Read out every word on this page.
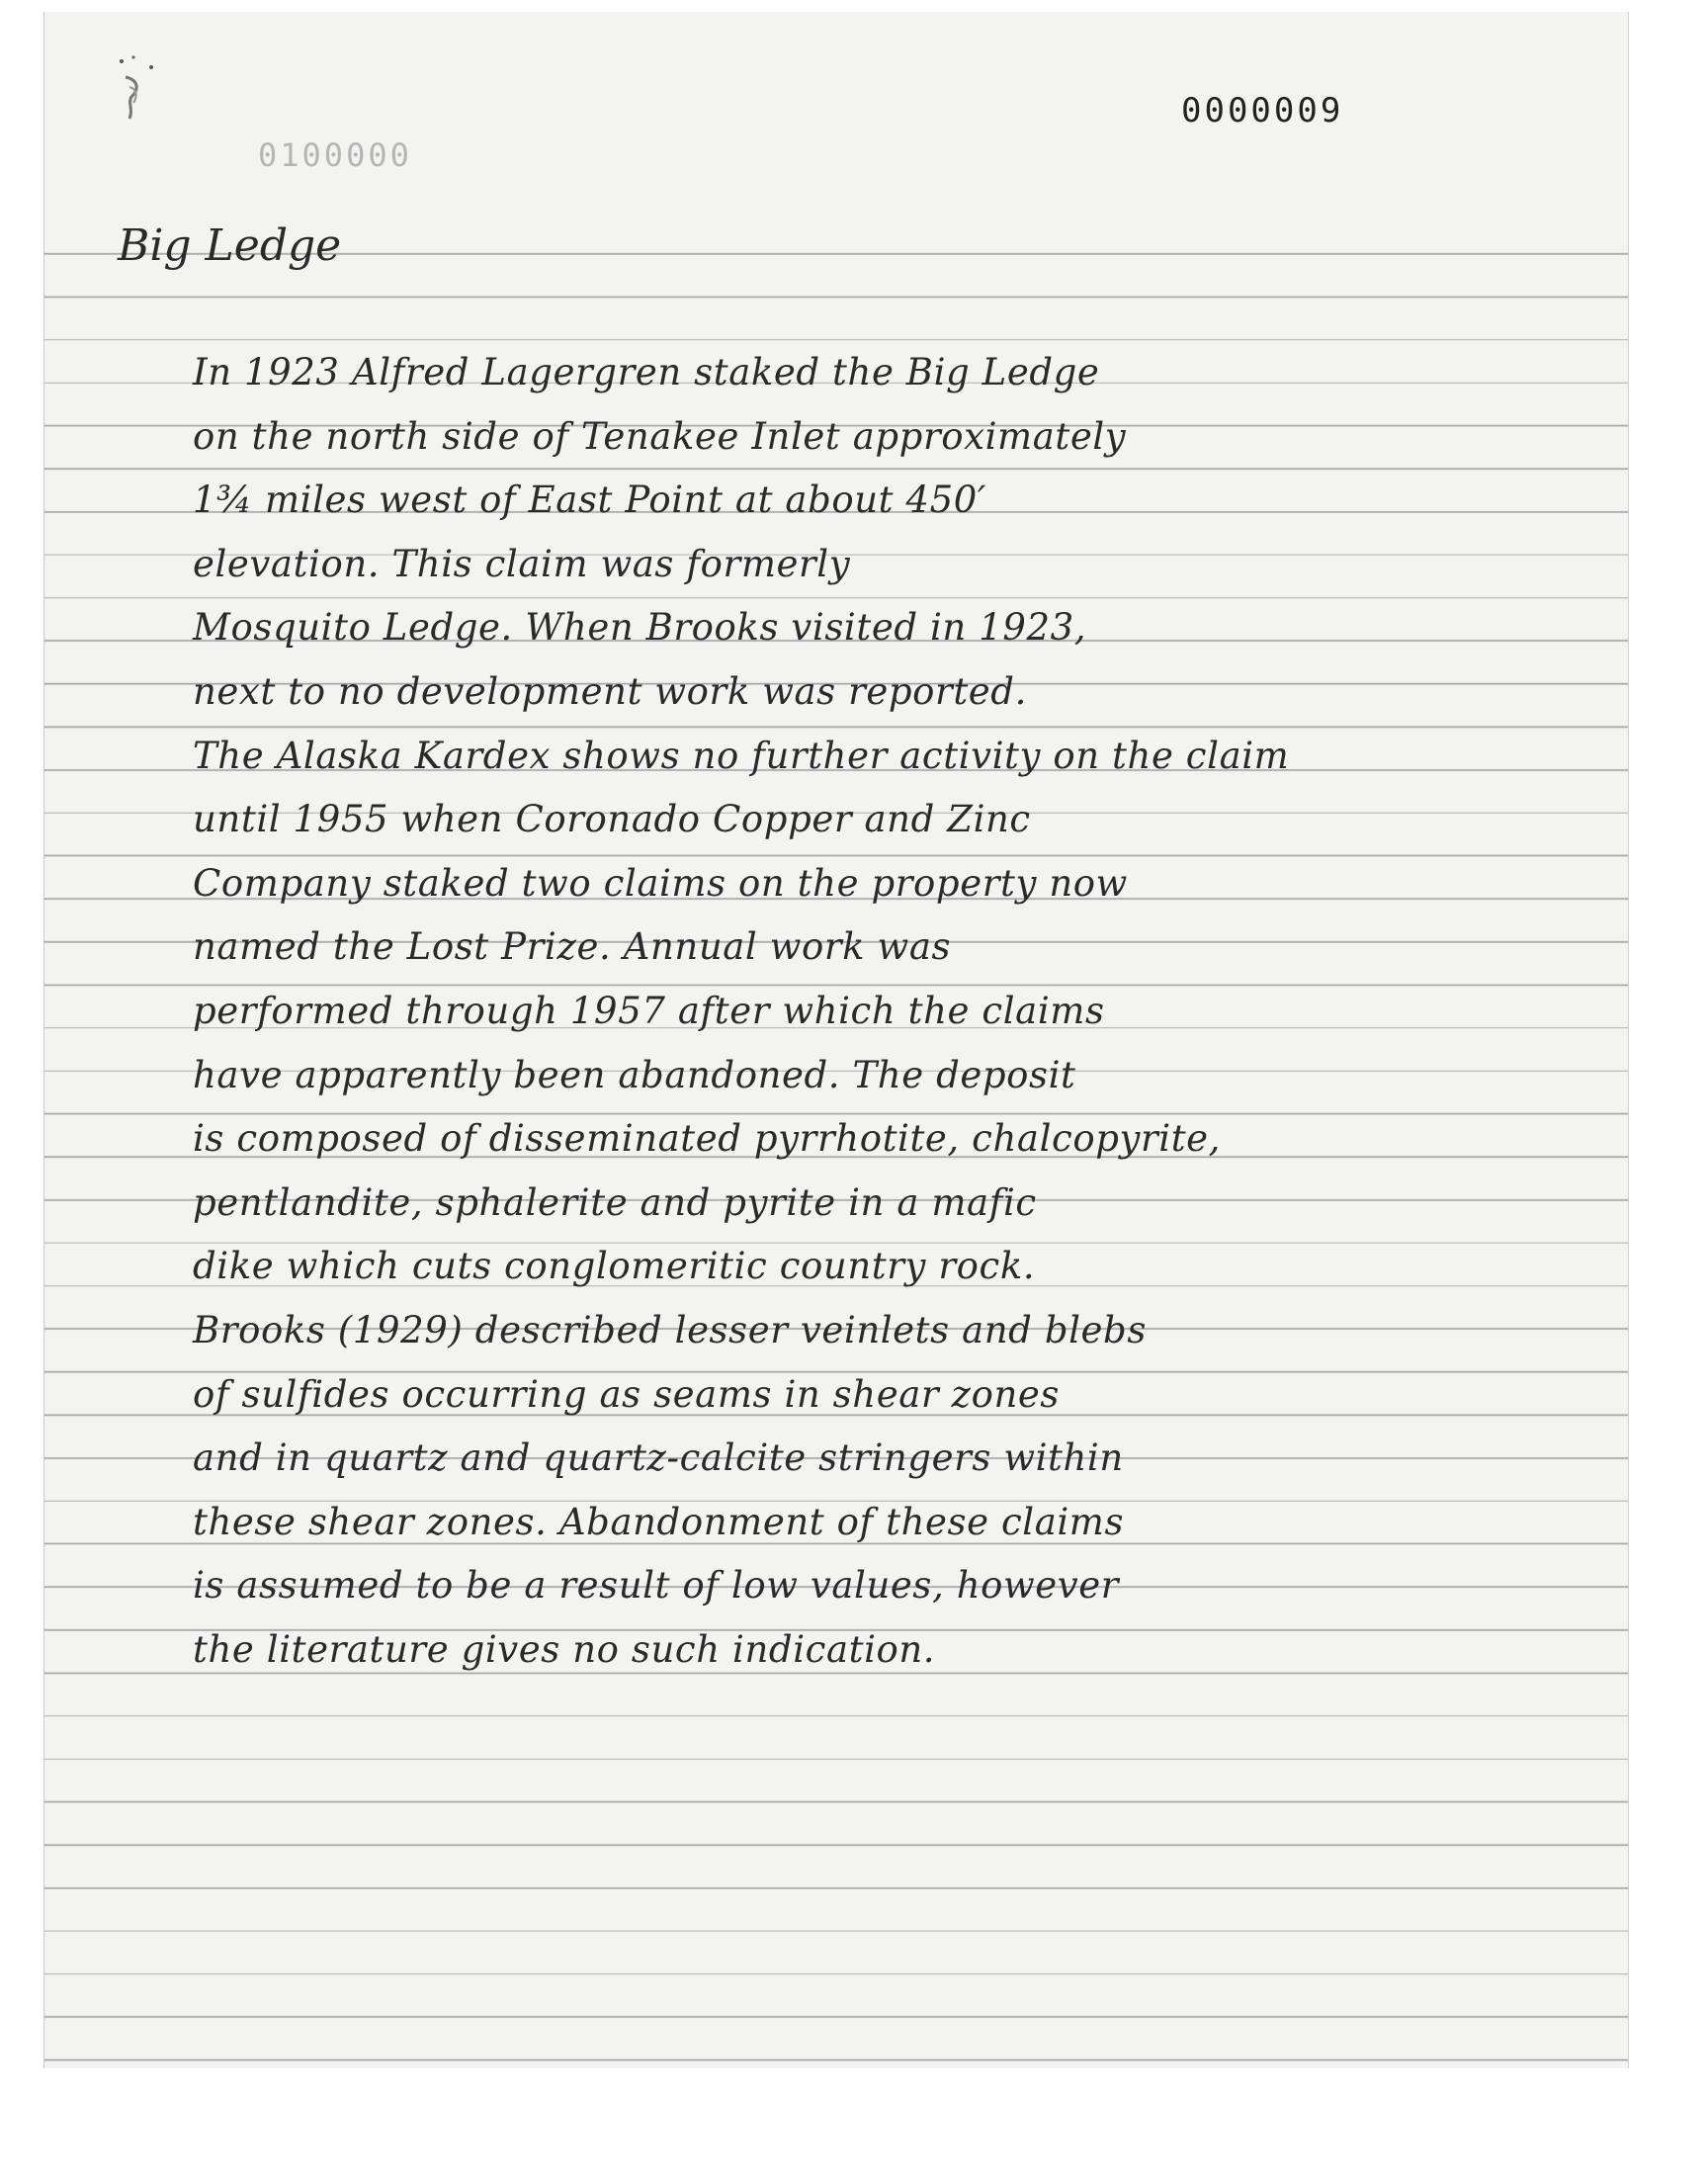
0000009
0100000
Big Ledge
In 1923 Alfred Lagergren staked the Big Ledge
on the north side of Tenakee Inlet approximately
1¾ miles west of East Point at about 450′
elevation. This claim was formerly
Mosquito Ledge. When Brooks visited in 1923,
next to no development work was reported.
The Alaska Kardex shows no further activity on the claim
until 1955 when Coronado Copper and Zinc
Company staked two claims on the property now
named the Lost Prize. Annual work was
performed through 1957 after which the claims
have apparently been abandoned. The deposit
is composed of disseminated pyrrhotite, chalcopyrite,
pentlandite, sphalerite and pyrite in a mafic
dike which cuts conglomeritic country rock.
Brooks (1929) described lesser veinlets and blebs
of sulfides occurring as seams in shear zones
and in quartz and quartz-calcite stringers within
these shear zones. Abandonment of these claims
is assumed to be a result of low values, however
the literature gives no such indication.
